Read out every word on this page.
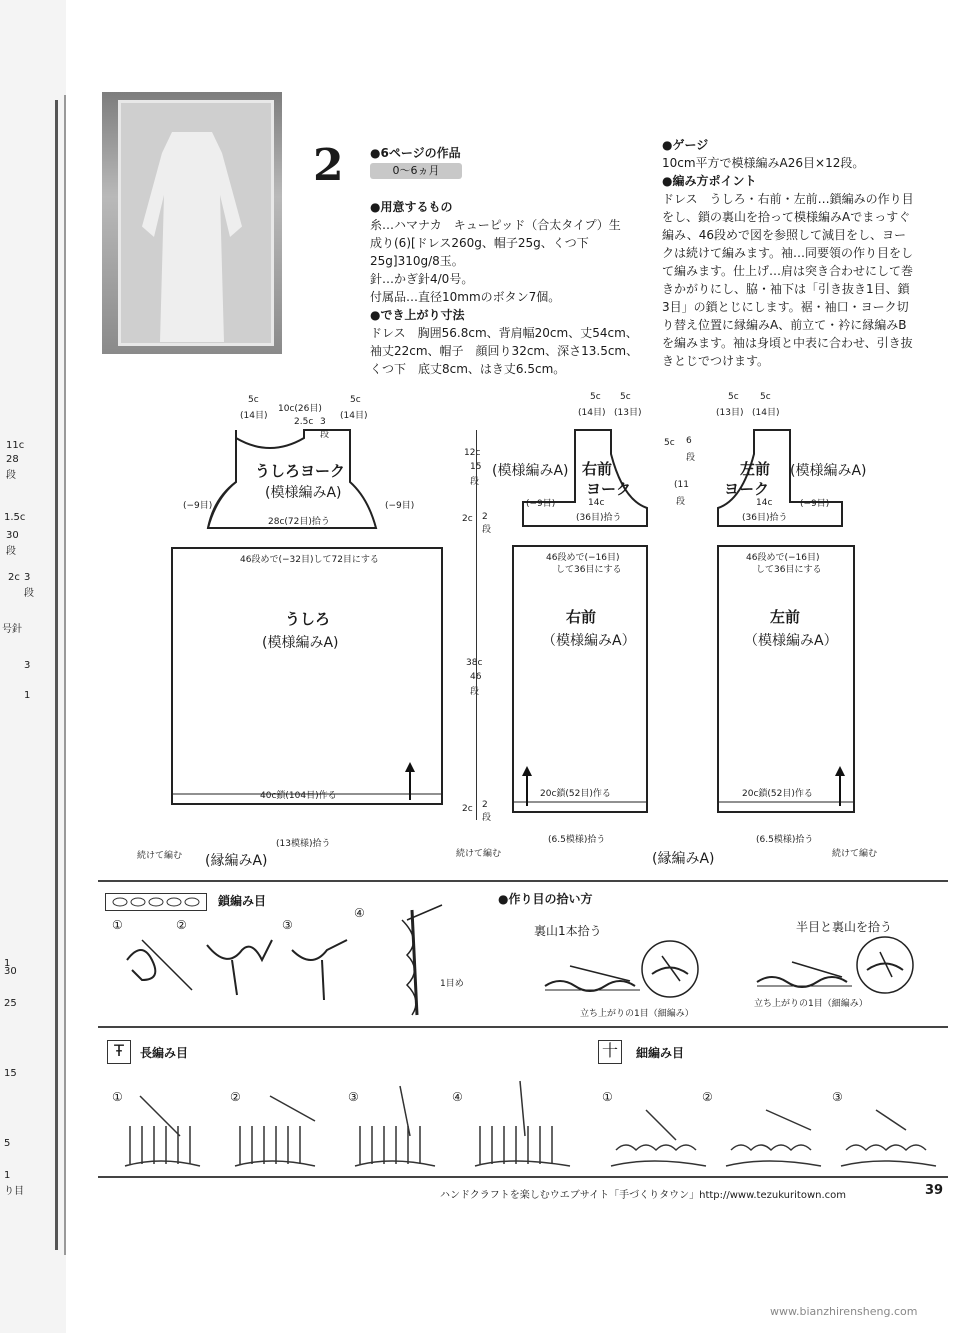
11c
28
段
1.5c
30
段
2c 3
段
号針
3
1
1
30
25
15
5
1
り目
2 ●6ページの作品
0〜6ヵ月
●用意するもの
糸…ハマナカ　キューピッド（合太タイプ）生
成り(6)[ドレス260g、帽子25g、くつ下
25g]310g/8玉。
針…かぎ針4/0号。
付属品…直径10mmのボタン7個。
●でき上がり寸法
ドレス　胸囲56.8cm、背肩幅20cm、丈54cm、
袖丈22cm、帽子　顔回り32cm、深さ13.5cm、
くつ下　底丈8cm、はき丈6.5cm。
●ゲージ
10cm平方で模様編みA26目×12段。
●編み方ポイント
ドレス　うしろ・右前・左前…鎖編みの作り目
をし、鎖の裏山を拾って模様編みAでまっすぐ
編み、46段めで図を参照して減目をし、ヨー
クは続けて編みます。袖…同要領の作り目をし
て編みます。仕上げ…肩は突き合わせにして巻
きかがりにし、脇・袖下は「引き抜き1目、鎖
3目」の鎖とじにします。裾・袖口・ヨーク切
り替え位置に縁編みA、前立て・衿に縁編みB
を編みます。袖は身頃と中表に合わせ、引き抜
きとじでつけます。
うしろヨーク
(模様編みA)
うしろ
(模様編みA)
5c
10c(26目)
5c
(14目)	(14目)
2.5c 3
段
(−9目)	(−9目)
28c(72目)拾う
46段めで(−32目)して72目にする
40c鎖(104目)作る
(13模様)拾う
続けて編む (縁編みA)
12c
15
段
2c 2
段
38c
46
段
2c 2
段
右前
ヨーク
(模様編みA)
(−9目)	14c
(36目)拾う
46段めで(−16目)
して36目にする
右前
（模様編みA）
20c鎖(52目)作る
(6.5模様)拾う
続けて編む	(縁編みA)
5c 5c
(14目) (13目)
5c 6
段
(11
段
左前
ヨーク
(模様編みA)
(−9目)
14c
(36目)拾う
46段めで(−16目)
して36目にする
左前
（模様編みA）
20c鎖(52目)作る
(6.5模様)拾う
続けて編む
5c 5c
(13目) (14目)
鎖編み目
①	②	③
④
1目め
●作り目の拾い方
裏山1本拾う	半目と裏山を拾う
立ち上がりの1目（細編み）
立ち上がりの1目（細編み）
Ŧ	長編み目
①	②	③	④
十	細編み目
①	②	③
ハンドクラフトを楽しむウエブサイト「手づくりタウン」http://www.tezukuritown.com	39
www.bianzhirensheng.com
